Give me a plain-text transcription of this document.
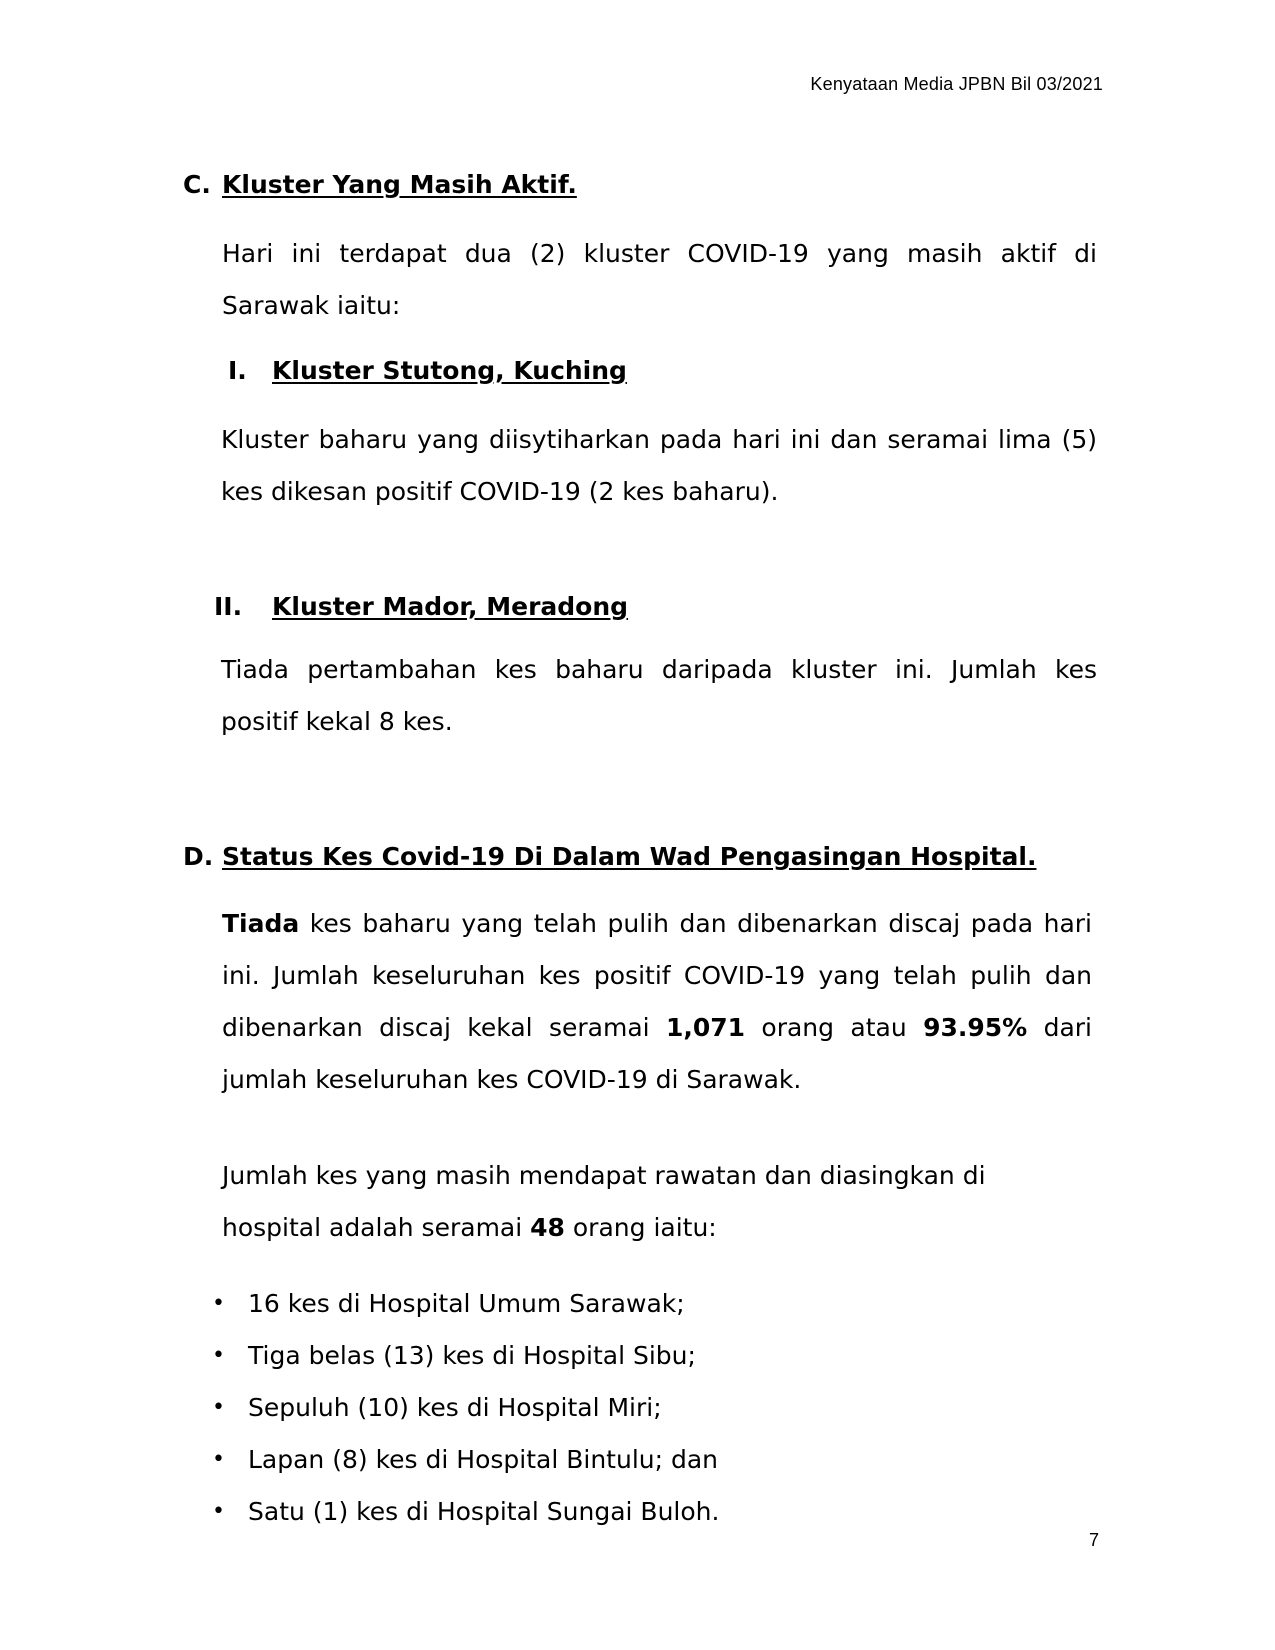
Kenyataan Media JPBN Bil 03/2021
C. Kluster Yang Masih Aktif.

Hari ini terdapat dua (2) kluster COVID-19 yang masih aktif di Sarawak iaitu:

I.	Kluster Stutong, Kuching

Kluster baharu yang diisytiharkan pada hari ini dan seramai lima (5) kes dikesan positif COVID-19 (2 kes baharu).

II.	Kluster Mador, Meradong

Tiada pertambahan kes baharu daripada kluster ini. Jumlah kes positif kekal 8 kes.

D. Status Kes Covid-19 Di Dalam Wad Pengasingan Hospital.

Tiada kes baharu yang telah pulih dan dibenarkan discaj pada hari ini. Jumlah keseluruhan kes positif COVID-19 yang telah pulih dan dibenarkan discaj kekal seramai 1,071 orang atau 93.95% dari jumlah keseluruhan kes COVID-19 di Sarawak.

Jumlah kes yang masih mendapat rawatan dan diasingkan di hospital adalah seramai 48 orang iaitu:

• 16 kes di Hospital Umum Sarawak;
• Tiga belas (13) kes di Hospital Sibu;
• Sepuluh (10) kes di Hospital Miri;
• Lapan (8) kes di Hospital Bintulu; dan
• Satu (1) kes di Hospital Sungai Buloh.
7
